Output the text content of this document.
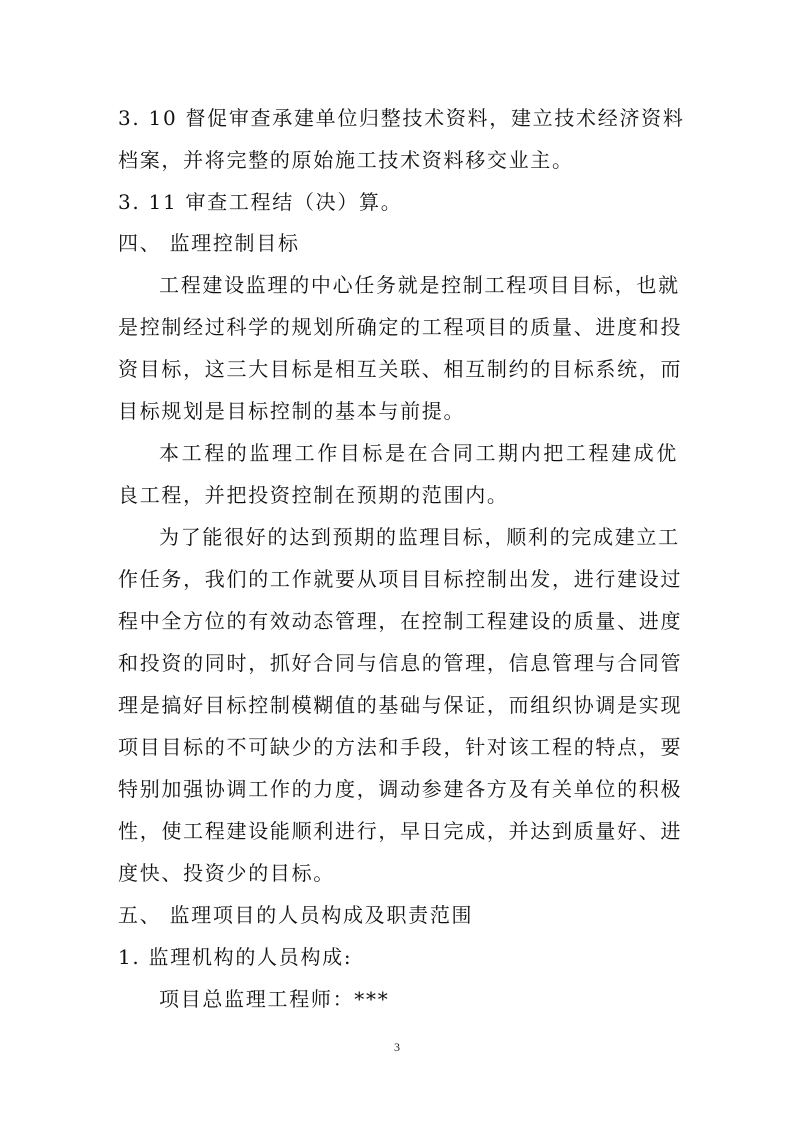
3. 10 督促审查承建单位归整技术资料，建立技术经济资料
档案，并将完整的原始施工技术资料移交业主。
3. 11 审查工程结（决）算。
四、 监理控制目标
工程建设监理的中心任务就是控制工程项目目标，也就
是控制经过科学的规划所确定的工程项目的质量、进度和投
资目标，这三大目标是相互关联、相互制约的目标系统，而
目标规划是目标控制的基本与前提。
本工程的监理工作目标是在合同工期内把工程建成优
良工程，并把投资控制在预期的范围内。
为了能很好的达到预期的监理目标，顺利的完成建立工
作任务，我们的工作就要从项目目标控制出发，进行建设过
程中全方位的有效动态管理，在控制工程建设的质量、进度
和投资的同时，抓好合同与信息的管理，信息管理与合同管
理是搞好目标控制模糊值的基础与保证，而组织协调是实现
项目目标的不可缺少的方法和手段，针对该工程的特点，要
特别加强协调工作的力度，调动参建各方及有关单位的积极
性，使工程建设能顺利进行，早日完成，并达到质量好、进
度快、投资少的目标。
五、 监理项目的人员构成及职责范围
1. 监理机构的人员构成:
项目总监理工程师：***
3
